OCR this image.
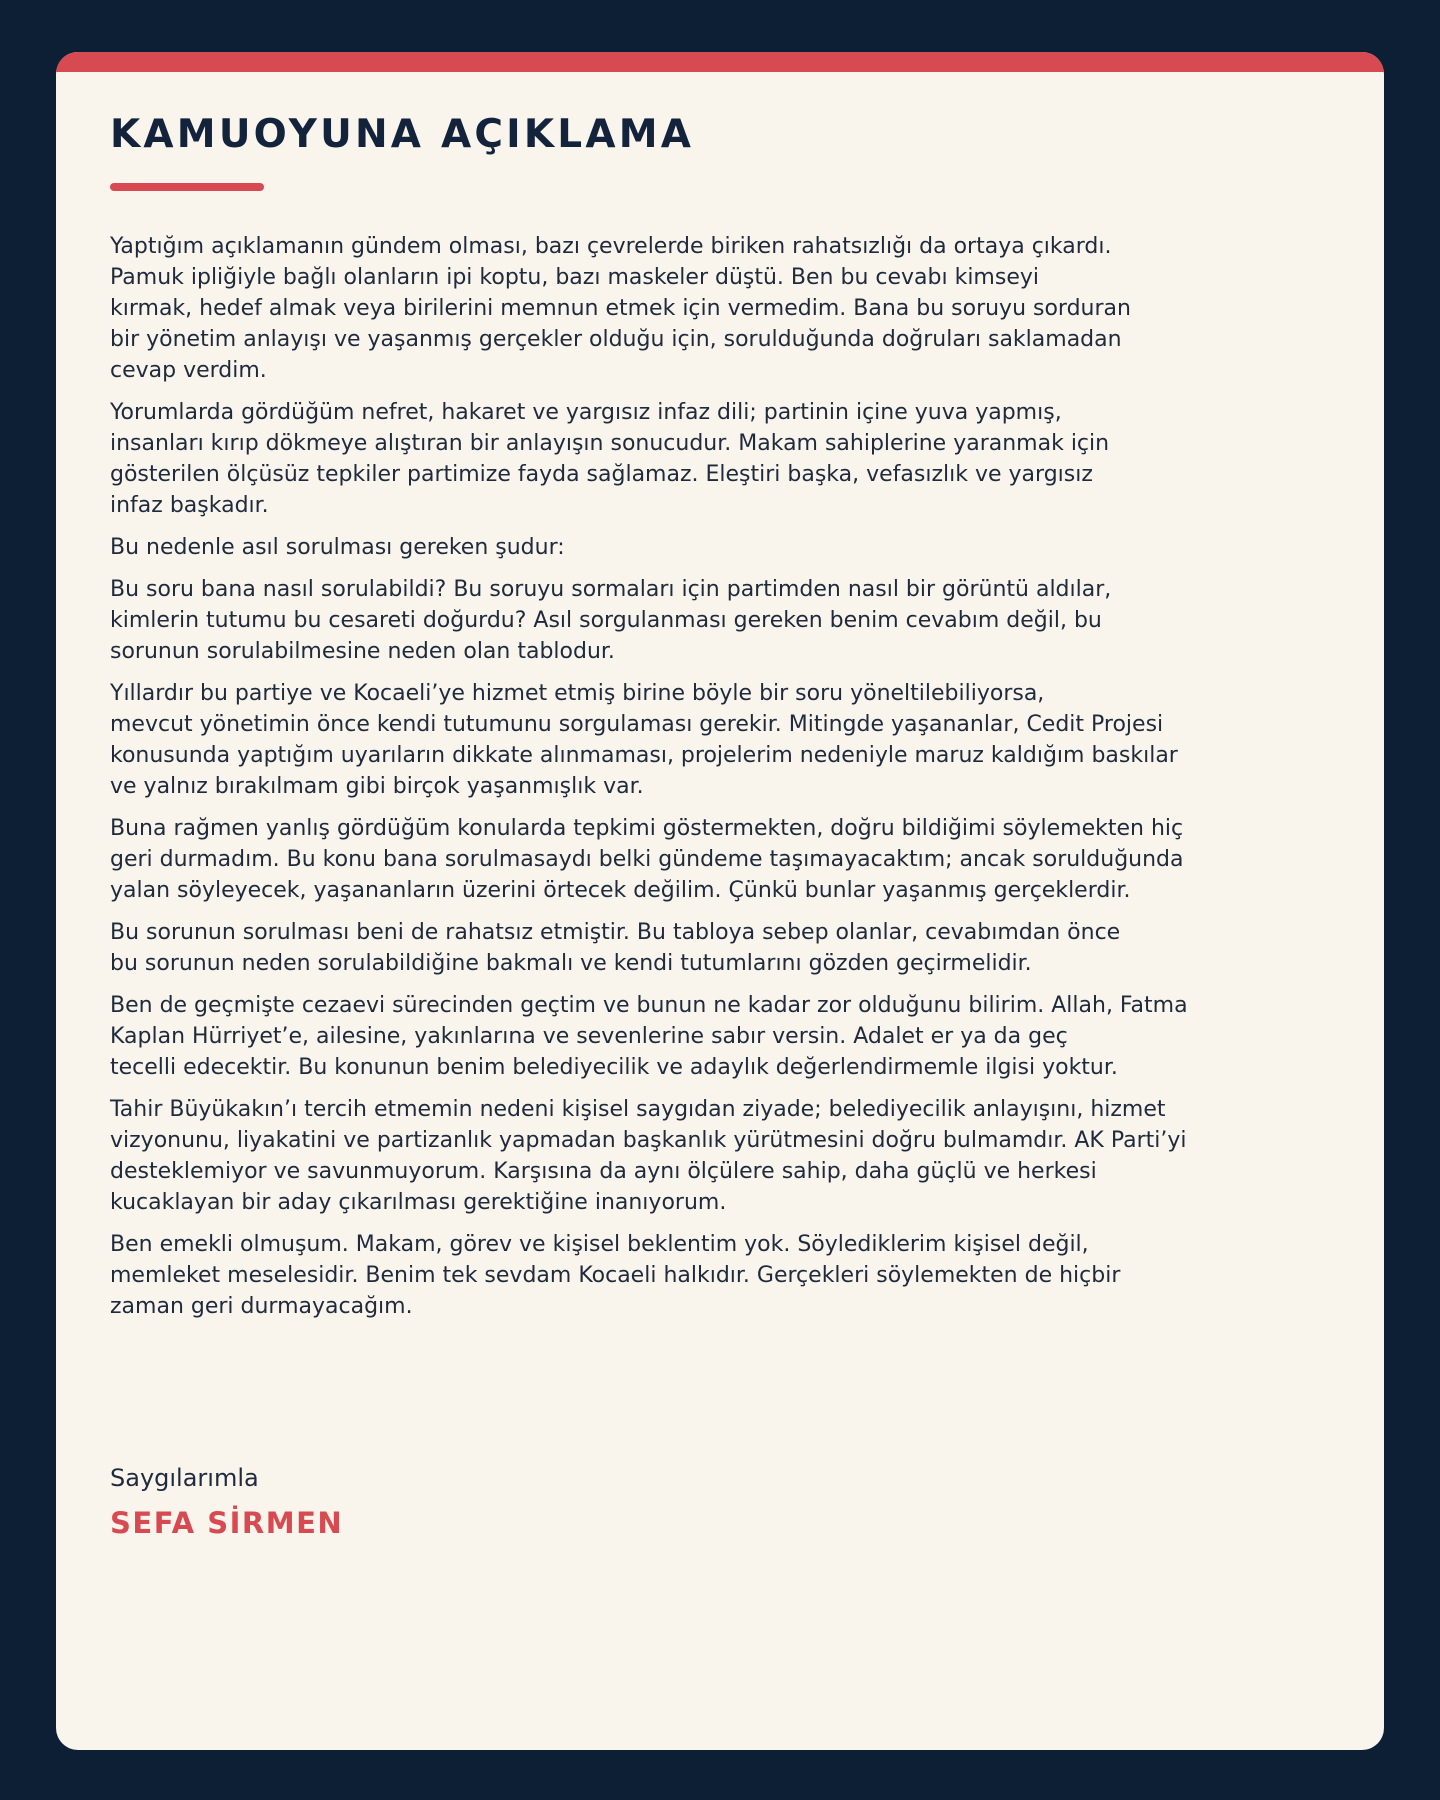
KAMUOYUNA AÇIKLAMA

Yaptığım açıklamanın gündem olması, bazı çevrelerde biriken rahatsızlığı da ortaya çıkardı.
Pamuk ipliğiyle bağlı olanların ipi koptu, bazı maskeler düştü. Ben bu cevabı kimseyi
kırmak, hedef almak veya birilerini memnun etmek için vermedim. Bana bu soruyu sorduran
bir yönetim anlayışı ve yaşanmış gerçekler olduğu için, sorulduğunda doğruları saklamadan
cevap verdim.

Yorumlarda gördüğüm nefret, hakaret ve yargısız infaz dili; partinin içine yuva yapmış,
insanları kırıp dökmeye alıştıran bir anlayışın sonucudur. Makam sahiplerine yaranmak için
gösterilen ölçüsüz tepkiler partimize fayda sağlamaz. Eleştiri başka, vefasızlık ve yargısız
infaz başkadır.

Bu nedenle asıl sorulması gereken şudur:

Bu soru bana nasıl sorulabildi? Bu soruyu sormaları için partimden nasıl bir görüntü aldılar,
kimlerin tutumu bu cesareti doğurdu? Asıl sorgulanması gereken benim cevabım değil, bu
sorunun sorulabilmesine neden olan tablodur.

Yıllardır bu partiye ve Kocaeli’ye hizmet etmiş birine böyle bir soru yöneltilebiliyorsa,
mevcut yönetimin önce kendi tutumunu sorgulaması gerekir. Mitingde yaşananlar, Cedit Projesi
konusunda yaptığım uyarıların dikkate alınmaması, projelerim nedeniyle maruz kaldığım baskılar
ve yalnız bırakılmam gibi birçok yaşanmışlık var.

Buna rağmen yanlış gördüğüm konularda tepkimi göstermekten, doğru bildiğimi söylemekten hiç
geri durmadım. Bu konu bana sorulmasaydı belki gündeme taşımayacaktım; ancak sorulduğunda
yalan söyleyecek, yaşananların üzerini örtecek değilim. Çünkü bunlar yaşanmış gerçeklerdir.

Bu sorunun sorulması beni de rahatsız etmiştir. Bu tabloya sebep olanlar, cevabımdan önce
bu sorunun neden sorulabildiğine bakmalı ve kendi tutumlarını gözden geçirmelidir.

Ben de geçmişte cezaevi sürecinden geçtim ve bunun ne kadar zor olduğunu bilirim. Allah, Fatma
Kaplan Hürriyet’e, ailesine, yakınlarına ve sevenlerine sabır versin. Adalet er ya da geç
tecelli edecektir. Bu konunun benim belediyecilik ve adaylık değerlendirmemle ilgisi yoktur.

Tahir Büyükakın’ı tercih etmemin nedeni kişisel saygıdan ziyade; belediyecilik anlayışını, hizmet
vizyonunu, liyakatini ve partizanlık yapmadan başkanlık yürütmesini doğru bulmamdır. AK Parti’yi
desteklemiyor ve savunmuyorum. Karşısına da aynı ölçülere sahip, daha güçlü ve herkesi
kucaklayan bir aday çıkarılması gerektiğine inanıyorum.

Ben emekli olmuşum. Makam, görev ve kişisel beklentim yok. Söylediklerim kişisel değil,
memleket meselesidir. Benim tek sevdam Kocaeli halkıdır. Gerçekleri söylemekten de hiçbir
zaman geri durmayacağım.

Saygılarımla
SEFA SİRMEN
